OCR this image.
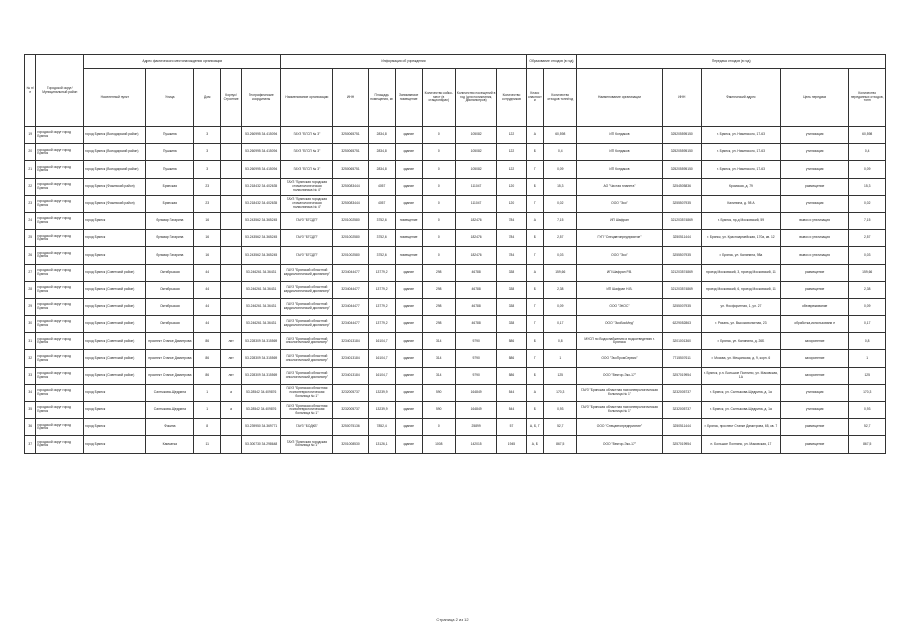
№ п/п	Городской округ/Муниципальный район	Адрес фактического местонахождения организации					Информация об учреждении							Образование отходов (в год)		Передача отходов (в год)				
		Населенный пункт	Улица	Дом	Корпус/ Строение	Географические координаты	Наименование организации	ИНН	Площадь помещения, м²	Занимаемое помещение	Количество койко-мест (в стационарах)	Количество посещений в год (для поликлиник, диспансеров)	Количество сотрудников	Класс опасности	Количество отходов тонн/год	Наименование организации	ИНН	Фактический адрес	Цель передачи	Количество переданных отходов, тонн
19	городской округ город Брянск	город Брянск (Володарский район)	Пушкина	3		53.260995 34.415094	ГАУЗ "БГСП № 3"	3250065751	2834,8	здание	0	105082	122	А	60,598	ИП Кондаков	325205595150	г. Брянск, ул. Никинского, 17-63	утилизация	60,598
20	городской округ город Брянск	город Брянск (Володарский район)	Пушкина	3		53.260995 34.415094	ГАУЗ "БГСП № 3"	3250065751	2834,8	здание	0	105082	122	Б	0,4	ИП Кондаков	325205595150	г. Брянск, ул. Никинского, 17-63	утилизация	0,4
21	городской округ город Брянск	город Брянск (Володарский район)	Пушкина	3		53.260995 34.415094	ГАУЗ "БГСП № 3"	3250065751	2834,8	здание	0	105082	122	Г	0,09	ИП Кондаков	325205595150	г. Брянск, ул. Никинского, 17-63	утилизация	0,09
22	городской округ город Брянск	город Брянск (Фокинский район)	Брянская	23		53.218432 34.402635	ГАУЗ "Брянская городская стоматологическая поликлиника № 4"	3250083444	4057	здание	0	111047	120	Б	15,3	АО "Чистая планета"	3254505836	Кромская, д. 79	размещение	15,3
23	городской округ город Брянск	город Брянск (Фокинский район)	Брянская	23		53.218432 34.402635	ГАУЗ "Брянская городская стоматологическая поликлиника № 4"	3250083444	4057	здание	0	111047	120	Г	0,02	ООО "Эко"	3255507935	Калинина, д. 98 А	утилизация	0,02
24	городской округ город Брянск	город Брянск	бульвар Гагарина	16		53.243562 34.365245	ГАУЗ "БГСДП"	3201002580	3752,6	помещение	0	182476	784	А	7,15	ИП Шафран	321203574869	г. Брянск, пр-д Московский, 59	вывоз и утилизация	7,15
25	городской округ город Брянск	город Брянск	бульвар Гагарина	16		53.243562 34.365245	ГАУЗ "БГСДП"	3201002580	3752,6	помещение	0	182476	784	Б	2,57	ГУП "Спецавтопредприятие"	3250511444	г. Брянск, ул. Красноармейская, 170а, кв. 12	вывоз и утилизация	2,57
26	городской округ город Брянск	город Брянск	бульвар Гагарина	16		53.243562 34.365245	ГАУЗ "БГСДП"	3201002580	3752,6	помещение	0	182476	784	Г	0,03	ООО "Эко"	3255507935	г. Брянск, ул. Калинина, 98а	вывоз и утилизация	0,03
27	городской округ город Брянск	город Брянск (Советский район)	Октябрьская	44		53.246261 34.36431	ГАУЗ "Брянский областной кардиологический диспансер"	3234044477	13779,2	здание	298	46788	338	А	159,66	ИП Шафран Р.В.	321203574869	проезд Московский, 3, проезд Московский, 11	размещение	159,66
28	городской округ город Брянск	город Брянск (Советский район)	Октябрьская	44		53.246261 34.36431	ГАУЗ "Брянский областной кардиологический диспансер"	3234044477	13779,2	здание	298	46788	338	Б	2,38	ИП Шафран Н.В.	321203574869	проезд Московский, 6, проезд Московский, 11	размещение	2,38
29	городской округ город Брянск	город Брянск (Советский район)	Октябрьская	44		53.246261 34.36431	ГАУЗ "Брянский областной кардиологический диспансер"	3234044477	13779,2	здание	298	46788	338	Г	0,09	ООО "ЭКОС"	3255007935	ул. Фосфоритная, 1, ул. 27	обезвреживание	0,09
30	городской округ город Брянск	город Брянск (Советский район)	Октябрьская	44		53.246261 34.36431	ГАУЗ "Брянский областной кардиологический диспансер"	3234044477	13779,2	здание	298	46788	338	Г	0,17	ООО "ЭкоБиоМед"	6229052863	г. Рязань, ул. Высоковольтная, 23	обработка,использовани е	0,17
31	городской округ город Брянск	город Брянск (Советский район)	проспект Станке Димитрова	86	лит	53.228309 34.315569	ГАУЗ "Брянский областной онкологический диспансер"	3234013184	16104,7	здание	314	9790	586	Б	0,8	МУСП по Водоснабжению и водоотведению г. Брянска	3201001360	г. Брянск, ул. Калинина, д. 26Б	захоронение	0,8
32	городской округ город Брянск	город Брянск (Советский район)	проспект Станке Димитрова	86	лит	53.228309 34.315569	ГАУЗ "Брянский областной онкологический диспансер"	3234013184	16104,7	здание	314	9790	586	Г	1	ООО "ЭкоПромСервис"	7715507611	г. Москва, ул. Мещанская, д. 9, корп. 6	захоронение	1
33	городской округ город Брянск	город Брянск (Советский район)	проспект Станке Димитрова	86	лит	53.228309 34.315569	ГАУЗ "Брянский областной онкологический диспансер"	3234013184	16104,7	здание	314	9790	586	Б	125	ООО "Вектор-Эко-17"	3257019954	г. Брянск, р.п. Большое Полпино, ул. Маковская, 1А	захоронение	125
34	городской округ город Брянск	город Брянск	Салтыкова-Щедрина	1	а	53.28542 34.409876	ГАУЗ "Брянская областная психоневрологическая больница № 1"	3232005737	13239,9	здание	590	164849	544	А	170,3	ГАУЗ "Брянская областная психоневрологическая больница № 1"	3232005737	г. Брянск, ул. Салтыкова-Щедрина, д. 1а	утилизация	170,3
35	городской округ город Брянск	город Брянск	Салтыкова-Щедрина	1	а	53.28542 34.409876	ГАУЗ "Брянская областная психоневрологическая больница № 1"	3232005737	13239,9	здание	590	164849	544	Б	0,93	ГАУЗ "Брянская областная психоневрологическая больница № 1"	3232005737	г. Брянск, ул. Салтыкова-Щедрина, д. 1а	утилизация	0,93
36	городской округ город Брянск	город Брянск	Фокина	8		53.239950 34.369771	ГАУЗ "БОДКБ"	3250075136	7852,4	здание	0	25899	57	А, Б, Г	52,7	ООО "Спецавтопредприятие"	3250511444	г. Брянск, проспект Станке Димитрова, 65, кв. 7	размещение	52,7
37	городской округ город Брянск	город Брянск	Камчатка	11		53.300730 34.298648	ГАУЗ "Брянская городская больница № 1"	3201008530	13126,1	здание	1008	142015	1945	А, Б	867,5	ООО "Вектор-Эко-17"	3257019954	п. Большое Полпино, ул. Маковская, 17	размещение	867,5
Страница 2 из 12
